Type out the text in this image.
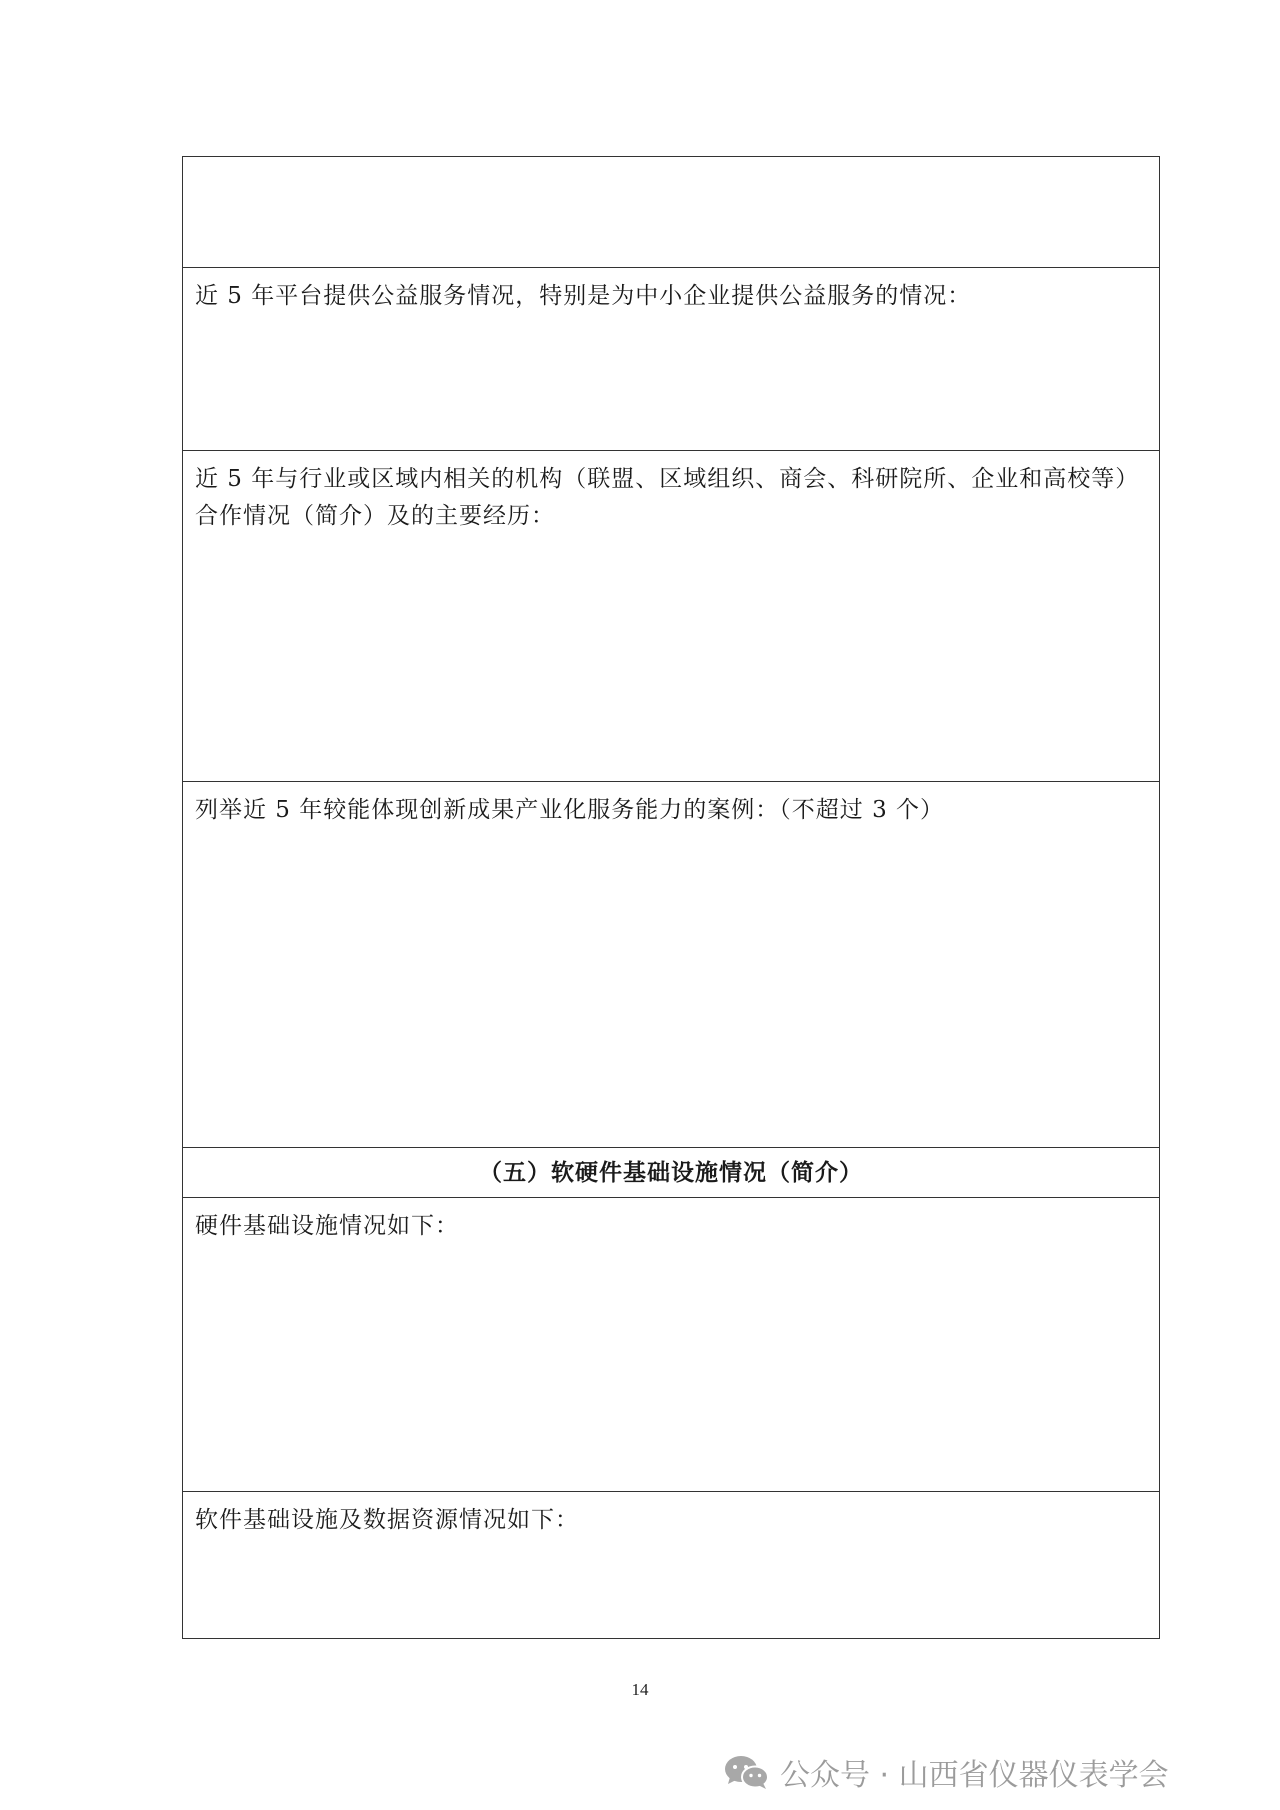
近 5 年平台提供公益服务情况，特别是为中小企业提供公益服务的情况：
近 5 年与行业或区域内相关的机构（联盟、区域组织、商会、科研院所、企业和高校等）合作情况（简介）及的主要经历：
列举近 5 年较能体现创新成果产业化服务能力的案例：（不超过 3 个）
（五）软硬件基础设施情况（简介）
硬件基础设施情况如下：
软件基础设施及数据资源情况如下：
14
公众号 · 山西省仪器仪表学会
